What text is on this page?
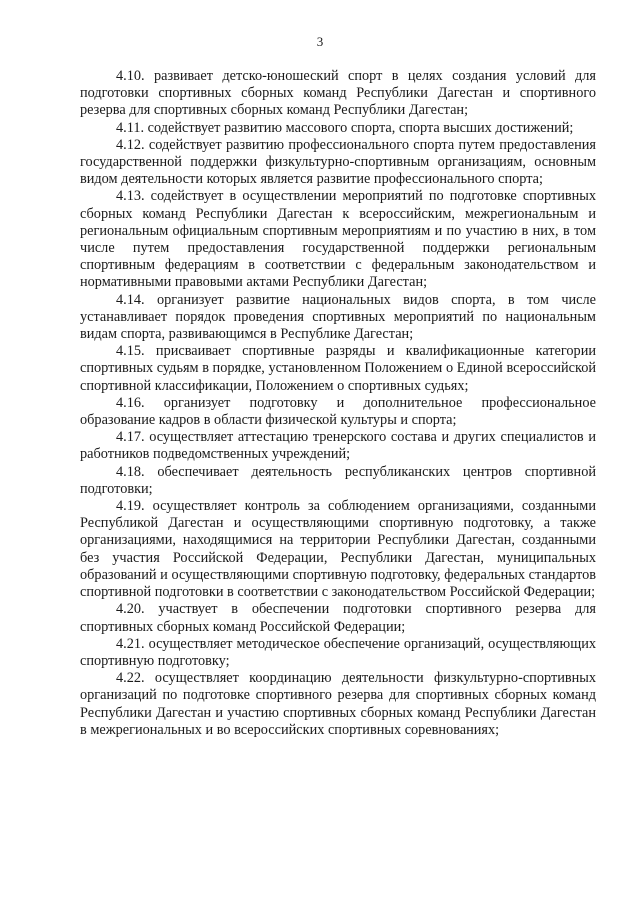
3

4.10. развивает детско-юношеский спорт в целях создания условий для подготовки спортивных сборных команд Республики Дагестан и спортивного резерва для спортивных сборных команд Республики Дагестан;

4.11. содействует развитию массового спорта, спорта высших достижений;

4.12. содействует развитию профессионального спорта путем предоставления государственной поддержки физкультурно-спортивным организациям, основным видом деятельности которых является развитие профессионального спорта;

4.13. содействует в осуществлении мероприятий по подготовке спортивных сборных команд Республики Дагестан к всероссийским, межрегиональным и региональным официальным спортивным мероприятиям и по участию в них, в том числе путем предоставления государственной поддержки региональным спортивным федерациям в соответствии с федеральным законодательством и нормативными правовыми актами Республики Дагестан;

4.14. организует развитие национальных видов спорта, в том числе устанавливает порядок проведения спортивных мероприятий по национальным видам спорта, развивающимся в Республике Дагестан;

4.15. присваивает спортивные разряды и квалификационные категории спортивных судьям в порядке, установленном Положением о Единой всероссийской спортивной классификации, Положением о спортивных судьях;

4.16. организует подготовку и дополнительное профессиональное образование кадров в области физической культуры и спорта;

4.17. осуществляет аттестацию тренерского состава и других специалистов и работников подведомственных учреждений;

4.18. обеспечивает деятельность республиканских центров спортивной подготовки;

4.19. осуществляет контроль за соблюдением организациями, созданными Республикой Дагестан и осуществляющими спортивную подготовку, а также организациями, находящимися на территории Республики Дагестан, созданными без участия Российской Федерации, Республики Дагестан, муниципальных образований и осуществляющими спортивную подготовку, федеральных стандартов спортивной подготовки в соответствии с законодательством Российской Федерации;

4.20. участвует в обеспечении подготовки спортивного резерва для спортивных сборных команд Российской Федерации;

4.21. осуществляет методическое обеспечение организаций, осуществляющих спортивную подготовку;

4.22. осуществляет координацию деятельности физкультурно-спортивных организаций по подготовке спортивного резерва для спортивных сборных команд Республики Дагестан и участию спортивных сборных команд Республики Дагестан в межрегиональных и во всероссийских спортивных соревнованиях;
